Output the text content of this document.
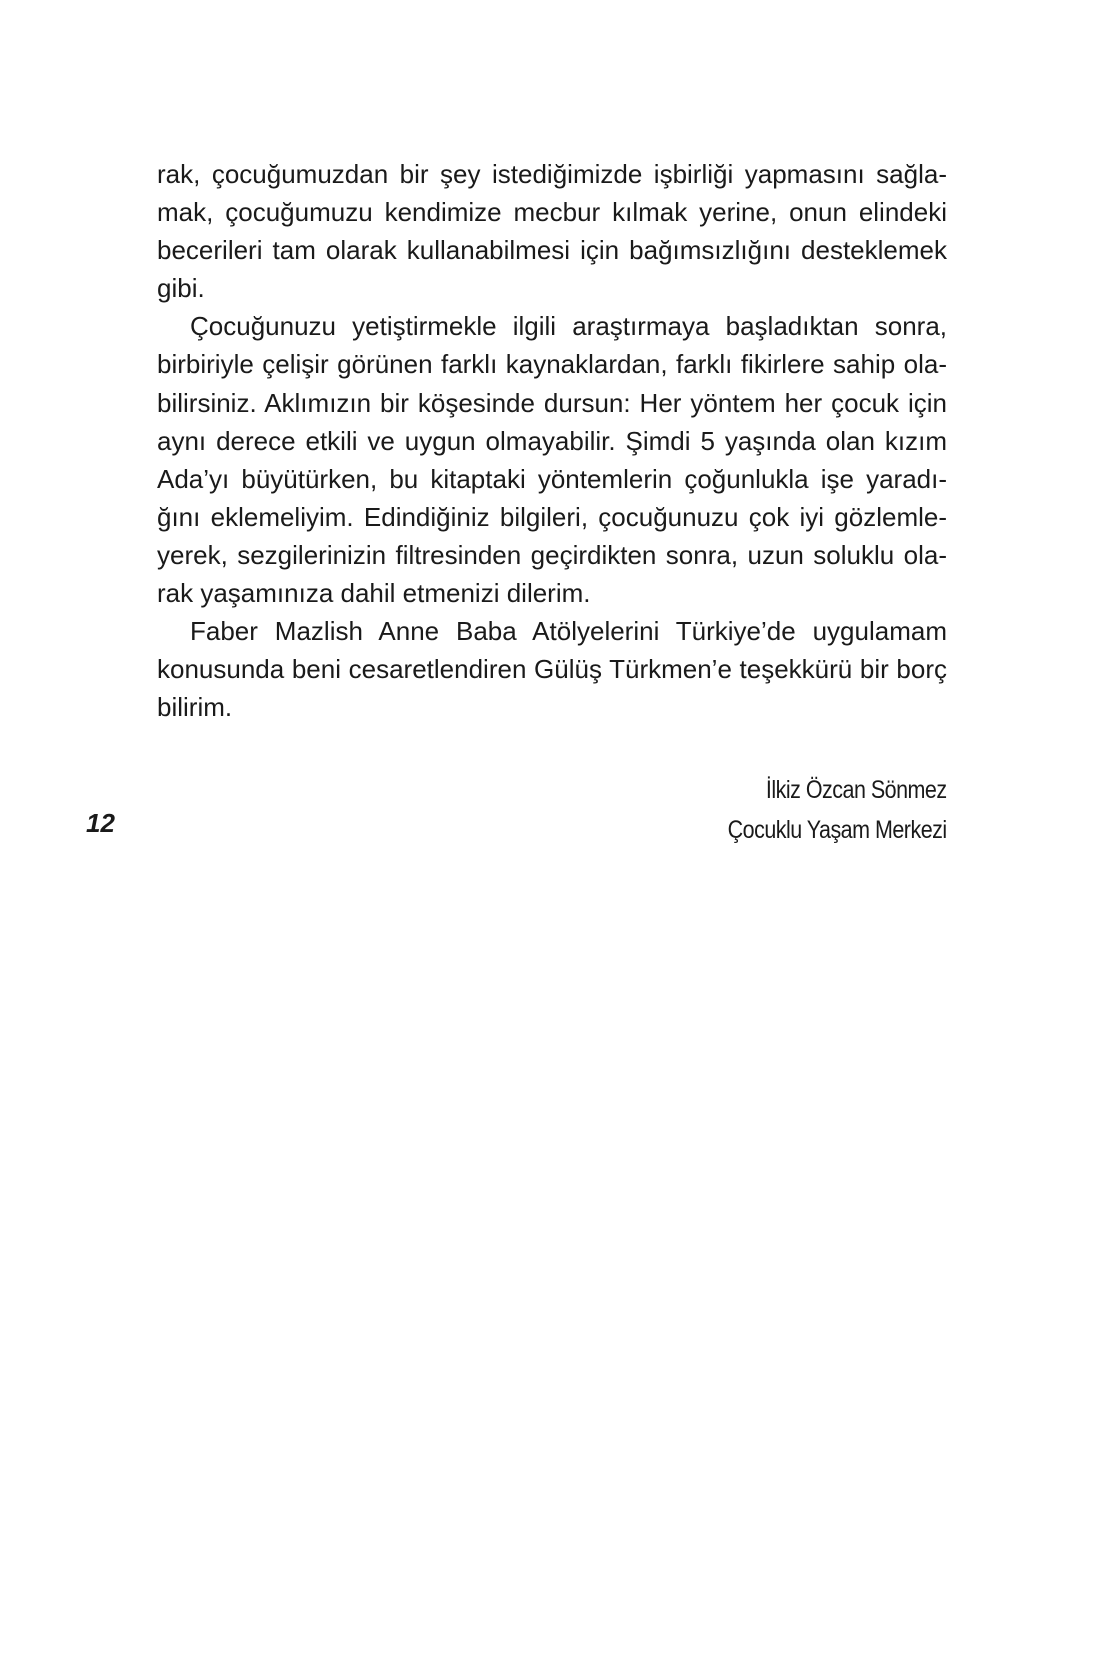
rak, çocuğumuzdan bir şey istediğimizde işbirliği yapmasını sağla-mak, çocuğumuzu kendimize mecbur kılmak yerine, onun elindeki becerileri tam olarak kullanabilmesi için bağımsızlığını desteklemek gibi.

Çocuğunuzu yetiştirmekle ilgili araştırmaya başladıktan sonra, birbiriyle çelişir görünen farklı kaynaklardan, farklı fikirlere sahip ola-bilirsiniz. Aklımızın bir köşesinde dursun: Her yöntem her çocuk için aynı derece etkili ve uygun olmayabilir. Şimdi 5 yaşında olan kızım Ada’yı büyütürken, bu kitaptaki yöntemlerin çoğunlukla işe yaradı-ğını eklemeliyim. Edindiğiniz bilgileri, çocuğunuzu çok iyi gözlemle-yerek, sezgilerinizin filtresinden geçirdikten sonra, uzun soluklu ola-rak yaşamınıza dahil etmenizi dilerim.

Faber Mazlish Anne Baba Atölyelerini Türkiye’de uygulamam konusunda beni cesaretlendiren Gülüş Türkmen’e teşekkürü bir borç bilirim.

İlkiz Özcan Sönmez
Çocuklu Yaşam Merkezi
12
